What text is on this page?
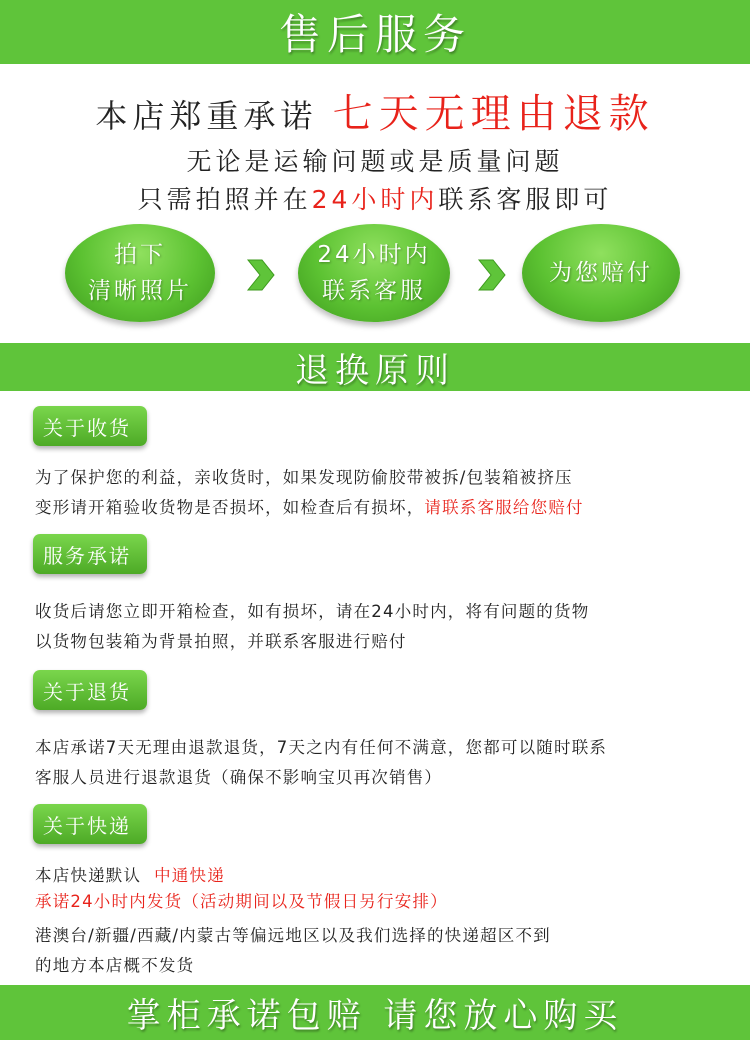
售后服务
本店郑重承诺 七天无理由退款
无论是运输问题或是质量问题
只需拍照并在24小时内联系客服即可
拍下
清晰照片
24小时内
联系客服
为您赔付
退换原则
关于收货
为了保护您的利益，亲收货时，如果发现防偷胶带被拆/包装箱被挤压
变形请开箱验收货物是否损坏，如检查后有损坏，请联系客服给您赔付
服务承诺
收货后请您立即开箱检查，如有损坏，请在24小时内，将有问题的货物
以货物包装箱为背景拍照，并联系客服进行赔付
关于退货
本店承诺7天无理由退款退货，7天之内有任何不满意，您都可以随时联系
客服人员进行退款退货（确保不影响宝贝再次销售）
关于快递
本店快递默认 中通快递
承诺24小时内发货（活动期间以及节假日另行安排）
港澳台/新疆/西藏/内蒙古等偏远地区以及我们选择的快递超区不到
的地方本店概不发货
掌柜承诺包赔 请您放心购买
